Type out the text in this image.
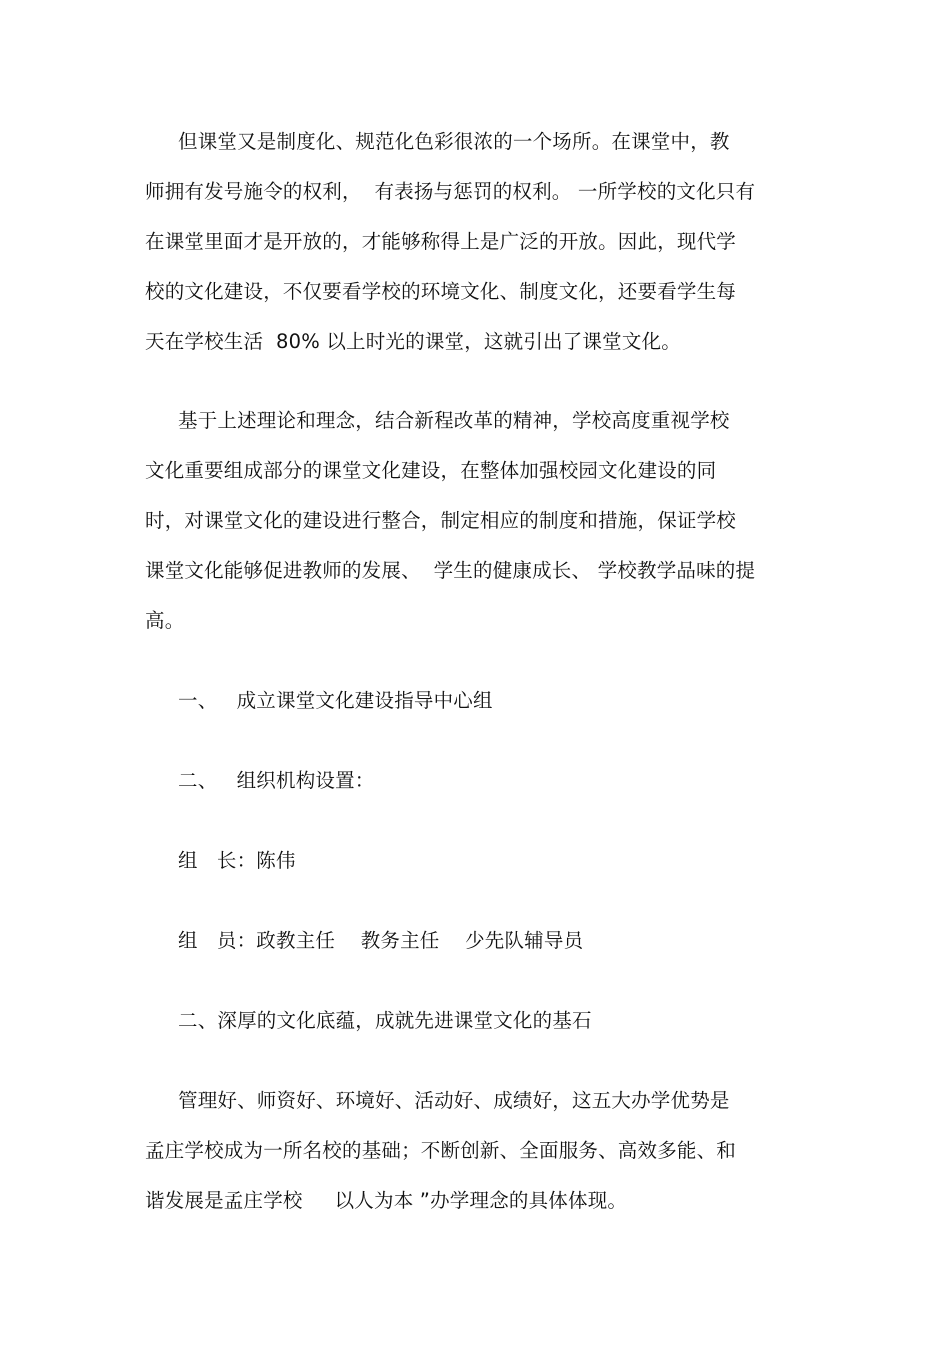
但课堂又是制度化、规范化色彩很浓的一个场所。在课堂中，教
师拥有发号施令的权利，  有表扬与惩罚的权利。 一所学校的文化只有
在课堂里面才是开放的，才能够称得上是广泛的开放。因此，现代学
校的文化建设，不仅要看学校的环境文化、制度文化，还要看学生每
天在学校生活  80% 以上时光的课堂，这就引出了课堂文化。
基于上述理论和理念，结合新程改革的精神，学校高度重视学校
文化重要组成部分的课堂文化建设，在整体加强校园文化建设的同
时，对课堂文化的建设进行整合，制定相应的制度和措施，保证学校
课堂文化能够促进教师的发展、  学生的健康成长、 学校教学品味的提
高。
一、   成立课堂文化建设指导中心组
二、   组织机构设置：
组   长：陈伟
组   员：政教主任    教务主任    少先队辅导员
二、深厚的文化底蕴，成就先进课堂文化的基石
管理好、师资好、环境好、活动好、成绩好，这五大办学优势是
孟庄学校成为一所名校的基础；不断创新、全面服务、高效多能、和
谐发展是孟庄学校     以人为本 ”办学理念的具体体现。
